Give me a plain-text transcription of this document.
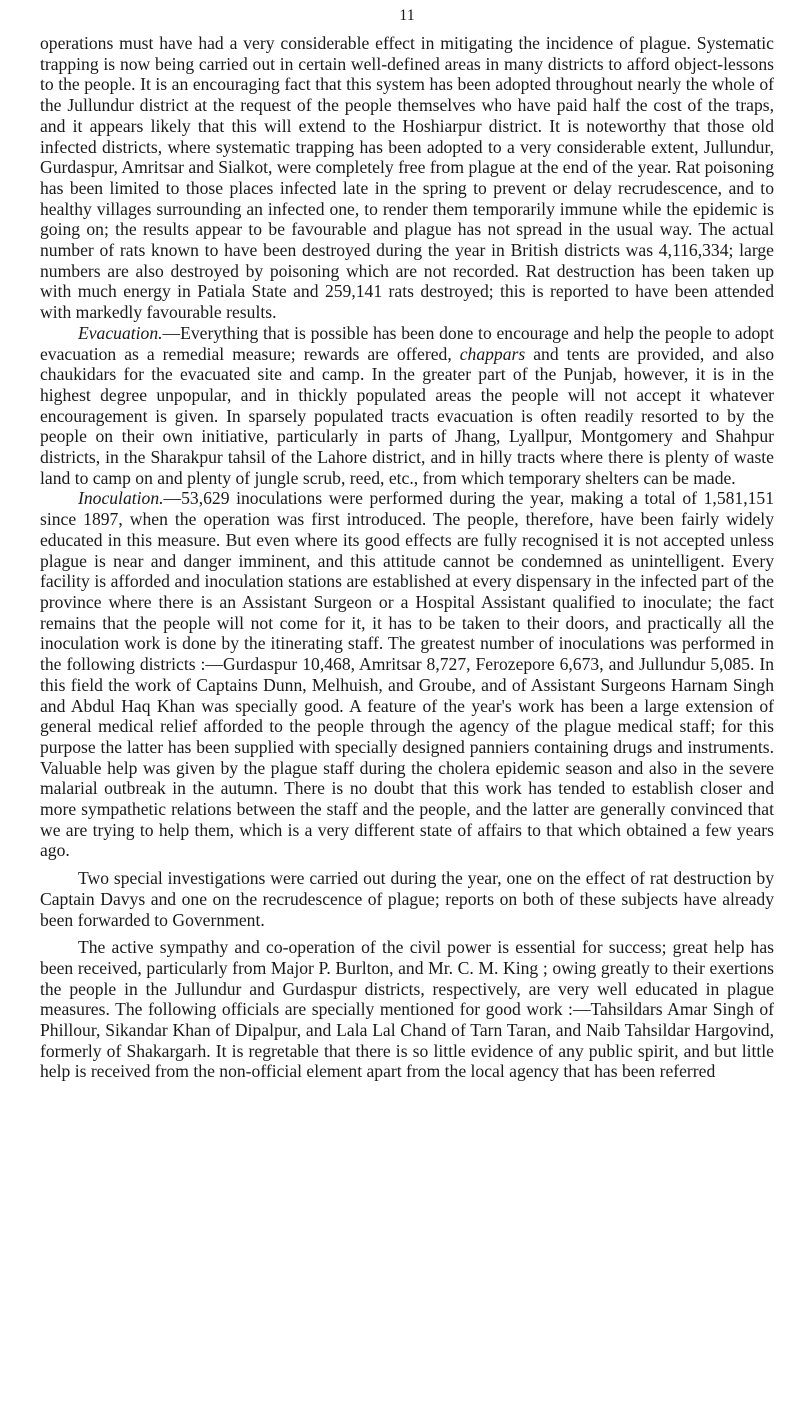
11

operations must have had a very considerable effect in mitigating the incidence of plague. Systematic trapping is now being carried out in certain well-defined areas in many districts to afford object-lessons to the people. It is an encouraging fact that this system has been adopted throughout nearly the whole of the Jullundur district at the request of the people themselves who have paid half the cost of the traps, and it appears likely that this will extend to the Hoshiarpur district. It is noteworthy that those old infected districts, where systematic trapping has been adopted to a very considerable extent, Jullundur, Gurdaspur, Amritsar and Sialkot, were completely free from plague at the end of the year. Rat poisoning has been limited to those places infected late in the spring to prevent or delay recrudescence, and to healthy villages surrounding an infected one, to render them temporarily immune while the epidemic is going on; the results appear to be favourable and plague has not spread in the usual way. The actual number of rats known to have been destroyed during the year in British districts was 4,116,334; large numbers are also destroyed by poisoning which are not recorded. Rat destruction has been taken up with much energy in Patiala State and 259,141 rats destroyed; this is reported to have been attended with markedly favourable results.

Evacuation.—Everything that is possible has been done to encourage and help the people to adopt evacuation as a remedial measure; rewards are offered, chappars and tents are provided, and also chaukidars for the evacuated site and camp. In the greater part of the Punjab, however, it is in the highest degree unpopular, and in thickly populated areas the people will not accept it whatever encouragement is given. In sparsely populated tracts evacuation is often readily resorted to by the people on their own initiative, particularly in parts of Jhang, Lyallpur, Montgomery and Shahpur districts, in the Sharakpur tahsil of the Lahore district, and in hilly tracts where there is plenty of waste land to camp on and plenty of jungle scrub, reed, etc., from which temporary shelters can be made.

Inoculation.—53,629 inoculations were performed during the year, making a total of 1,581,151 since 1897, when the operation was first introduced. The people, therefore, have been fairly widely educated in this measure. But even where its good effects are fully recognised it is not accepted unless plague is near and danger imminent, and this attitude cannot be condemned as unintelligent. Every facility is afforded and inoculation stations are established at every dispensary in the infected part of the province where there is an Assistant Surgeon or a Hospital Assistant qualified to inoculate; the fact remains that the people will not come for it, it has to be taken to their doors, and practically all the inoculation work is done by the itinerating staff. The greatest number of inoculations was performed in the following districts :—Gurdaspur 10,468, Amritsar 8,727, Ferozepore 6,673, and Jullundur 5,085. In this field the work of Captains Dunn, Melhuish, and Groube, and of Assistant Surgeons Harnam Singh and Abdul Haq Khan was specially good. A feature of the year's work has been a large extension of general medical relief afforded to the people through the agency of the plague medical staff; for this purpose the latter has been supplied with specially designed panniers containing drugs and instruments. Valuable help was given by the plague staff during the cholera epidemic season and also in the severe malarial outbreak in the autumn. There is no doubt that this work has tended to establish closer and more sympathetic relations between the staff and the people, and the latter are generally convinced that we are trying to help them, which is a very different state of affairs to that which obtained a few years ago.

Two special investigations were carried out during the year, one on the effect of rat destruction by Captain Davys and one on the recrudescence of plague; reports on both of these subjects have already been forwarded to Government.

The active sympathy and co-operation of the civil power is essential for success; great help has been received, particularly from Major P. Burlton, and Mr. C. M. King ; owing greatly to their exertions the people in the Jullundur and Gurdaspur districts, respectively, are very well educated in plague measures. The following officials are specially mentioned for good work :—Tahsildars Amar Singh of Phillour, Sikandar Khan of Dipalpur, and Lala Lal Chand of Tarn Taran, and Naib Tahsildar Hargovind, formerly of Shakargarh. It is regretable that there is so little evidence of any public spirit, and but little help is received from the non-official element apart from the local agency that has been referred
